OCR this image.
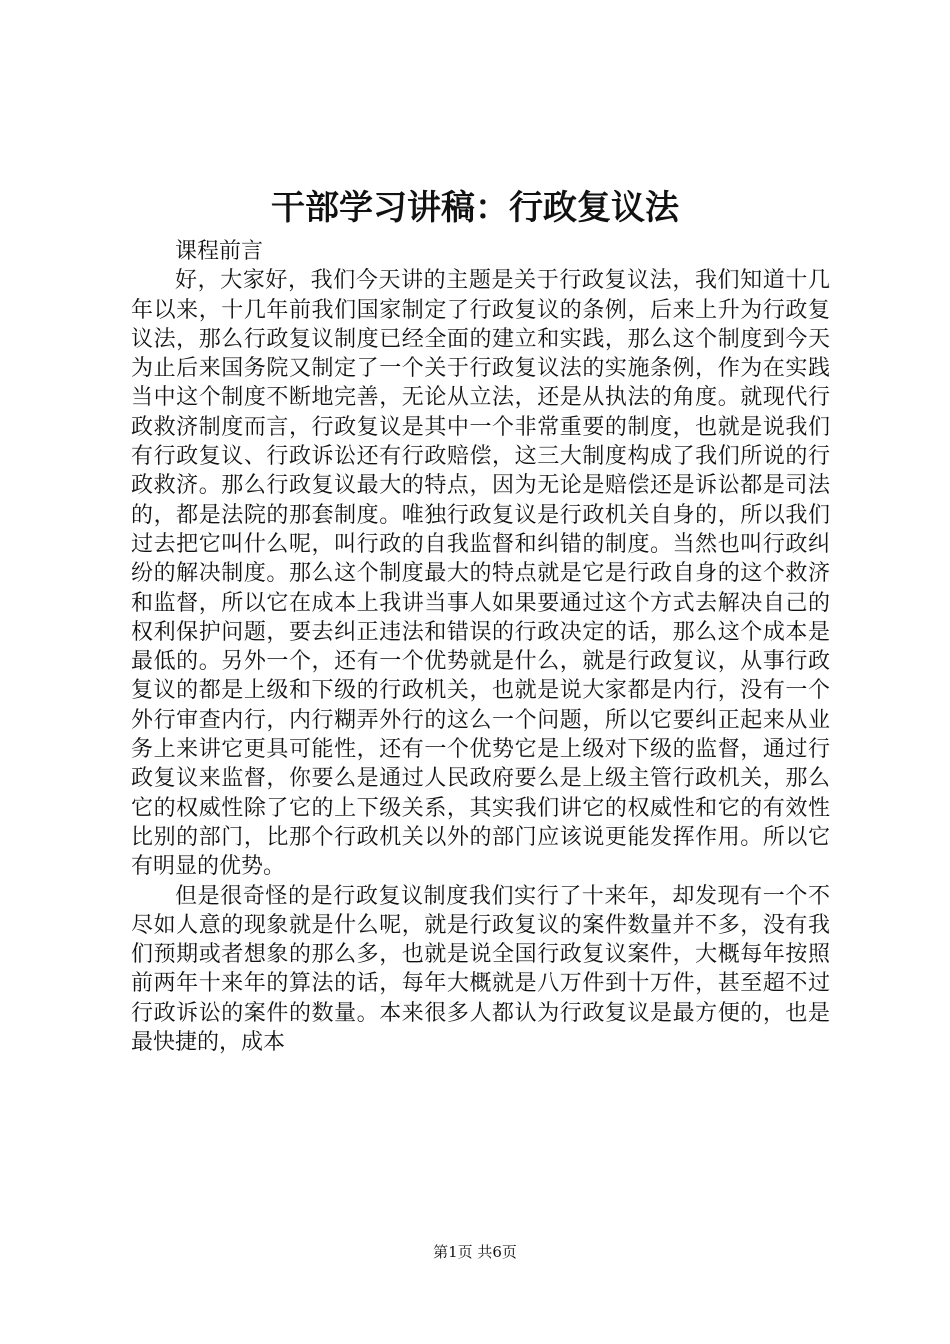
干部学习讲稿：行政复议法

课程前言

好，大家好，我们今天讲的主题是关于行政复议法，我们知道十几年以来，十几年前我们国家制定了行政复议的条例，后来上升为行政复议法，那么行政复议制度已经全面的建立和实践，那么这个制度到今天为止后来国务院又制定了一个关于行政复议法的实施条例，作为在实践当中这个制度不断地完善，无论从立法，还是从执法的角度。就现代行政救济制度而言，行政复议是其中一个非常重要的制度，也就是说我们有行政复议、行政诉讼还有行政赔偿，这三大制度构成了我们所说的行政救济。那么行政复议最大的特点，因为无论是赔偿还是诉讼都是司法的，都是法院的那套制度。唯独行政复议是行政机关自身的，所以我们过去把它叫什么呢，叫行政的自我监督和纠错的制度。当然也叫行政纠纷的解决制度。那么这个制度最大的特点就是它是行政自身的这个救济和监督，所以它在成本上我讲当事人如果要通过这个方式去解决自己的权利保护问题，要去纠正违法和错误的行政决定的话，那么这个成本是最低的。另外一个，还有一个优势就是什么，就是行政复议，从事行政复议的都是上级和下级的行政机关，也就是说大家都是内行，没有一个外行审查内行，内行糊弄外行的这么一个问题，所以它要纠正起来从业务上来讲它更具可能性，还有一个优势它是上级对下级的监督，通过行政复议来监督，你要么是通过人民政府要么是上级主管行政机关，那么它的权威性除了它的上下级关系，其实我们讲它的权威性和它的有效性比别的部门，比那个行政机关以外的部门应该说更能发挥作用。所以它有明显的优势。

但是很奇怪的是行政复议制度我们实行了十来年，却发现有一个不尽如人意的现象就是什么呢，就是行政复议的案件数量并不多，没有我们预期或者想象的那么多，也就是说全国行政复议案件，大概每年按照前两年十来年的算法的话，每年大概就是八万件到十万件，甚至超不过行政诉讼的案件的数量。本来很多人都认为行政复议是最方便的，也是最快捷的，成本

第1页 共6页
